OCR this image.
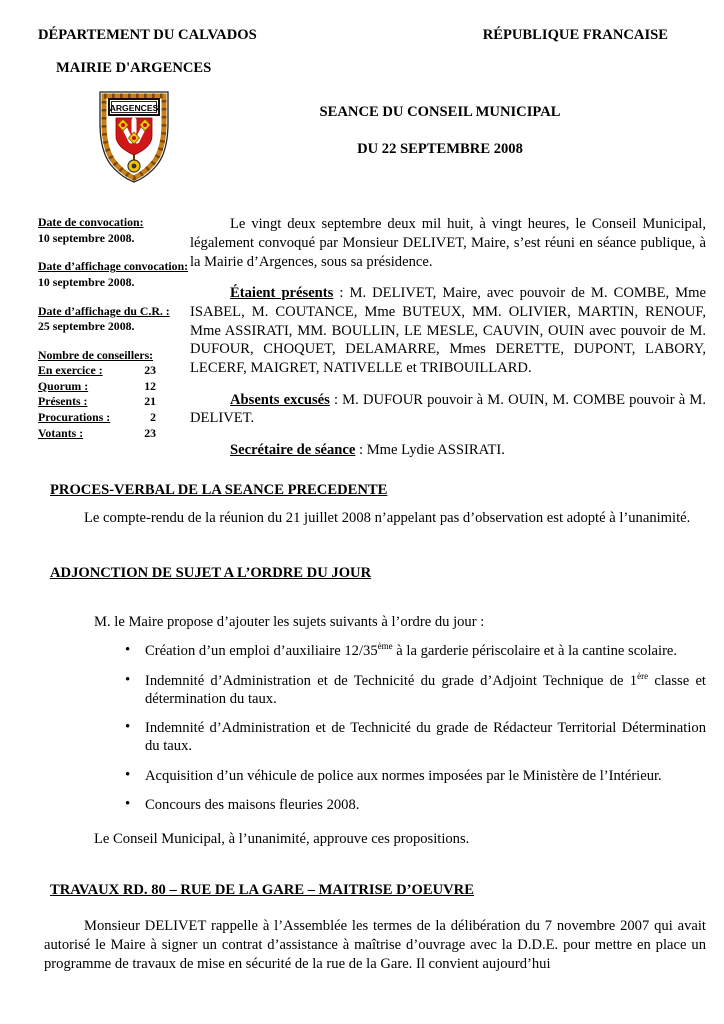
DÉPARTEMENT DU CALVADOS	RÉPUBLIQUE FRANCAISE
MAIRIE D'ARGENCES
ARGENCES	SEANCE DU CONSEIL MUNICIPAL
DU 22 SEPTEMBRE 2008
Date de convocation:
10 septembre 2008.
Date d’affichage convocation:
10 septembre 2008.
Date d’affichage du C.R. :
25 septembre 2008.
Nombre de conseillers:
En exercice :	23
Quorum :	12
Présents :	21
Procurations :	2
Votants :	23

Le vingt deux septembre deux mil huit, à vingt heures, le Conseil Municipal, légalement convoqué par Monsieur DELIVET, Maire, s’est réuni en séance publique, à la Mairie d’Argences, sous sa présidence.

Étaient présents : M. DELIVET, Maire, avec pouvoir de M. COMBE, Mme ISABEL, M. COUTANCE, Mme BUTEUX, MM. OLIVIER, MARTIN, RENOUF, Mme ASSIRATI, MM. BOULLIN, LE MESLE, CAUVIN, OUIN avec pouvoir de M. DUFOUR, CHOQUET, DELAMARRE, Mmes DERETTE, DUPONT, LABORY, LECERF, MAIGRET, NATIVELLE et TRIBOUILLARD.

Absents excusés : M. DUFOUR pouvoir à M. OUIN, M. COMBE pouvoir à M. DELIVET.

Secrétaire de séance : Mme Lydie ASSIRATI.

PROCES-VERBAL DE LA SEANCE PRECEDENTE

Le compte-rendu de la réunion du 21 juillet 2008 n’appelant pas d’observation est adopté à l’unanimité.

ADJONCTION DE SUJET A L’ORDRE DU JOUR

M. le Maire propose d’ajouter les sujets suivants à l’ordre du jour :

• Création d’un emploi d’auxiliaire 12/35ème à la garderie périscolaire et à la cantine scolaire.
• Indemnité d’Administration et de Technicité du grade d’Adjoint Technique de 1ère classe et détermination du taux.
• Indemnité d’Administration et de Technicité du grade de Rédacteur Territorial Détermination du taux.
• Acquisition d’un véhicule de police aux normes imposées par le Ministère de l’Intérieur.
• Concours des maisons fleuries 2008.

Le Conseil Municipal, à l’unanimité, approuve ces propositions.

TRAVAUX RD. 80 – RUE DE LA GARE – MAITRISE D’OEUVRE

Monsieur DELIVET rappelle à l’Assemblée les termes de la délibération du 7 novembre 2007 qui avait autorisé le Maire à signer un contrat d’assistance à maîtrise d’ouvrage avec la D.D.E. pour mettre en place un programme de travaux de mise en sécurité de la rue de la Gare. Il convient aujourd’hui
